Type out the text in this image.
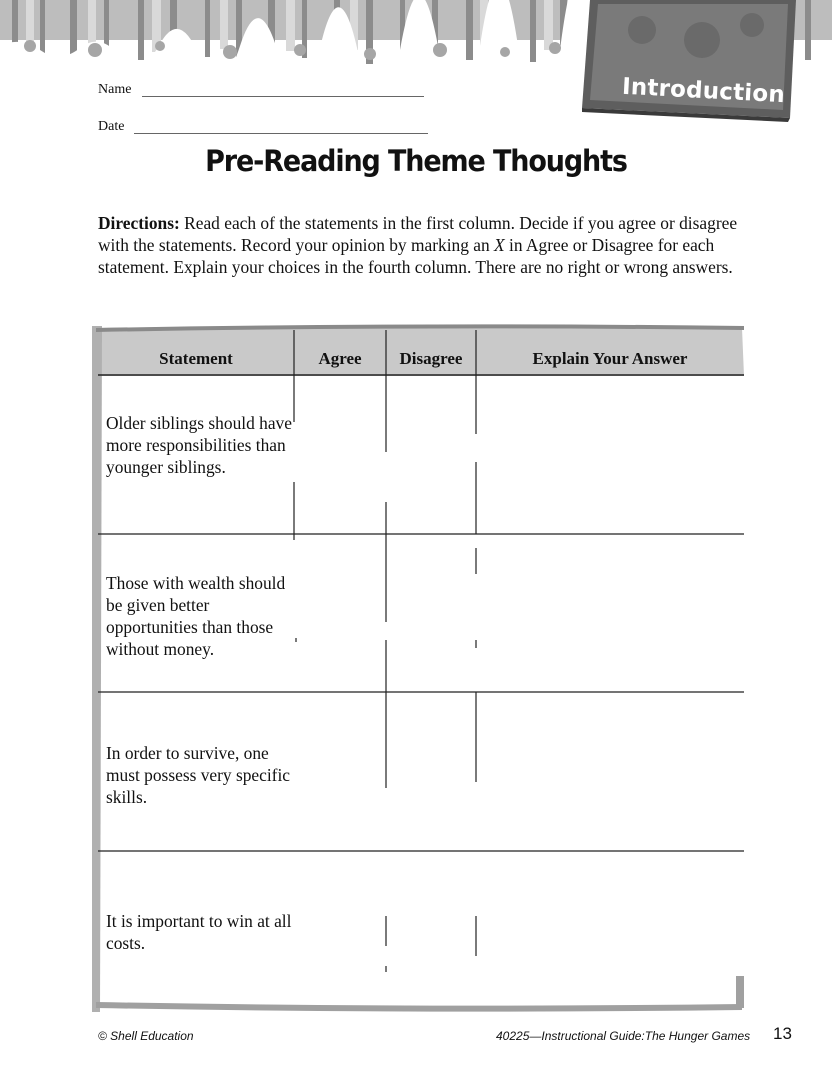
Introduction
Name
Date
Pre-Reading Theme Thoughts

Directions: Read each of the statements in the first column. Decide if you agree or disagree with the statements. Record your opinion by marking an X in Agree or Disagree for each statement. Explain your choices in the fourth column. There are no right or wrong answers.

Statement	Agree	Disagree	Explain Your Answer
Older siblings should have more responsibilities than younger siblings.
Those with wealth should be given better opportunities than those without money.
In order to survive, one must possess very specific skills.
It is important to win at all costs.
© Shell Education	40225—Instructional Guide:The Hunger Games 13
